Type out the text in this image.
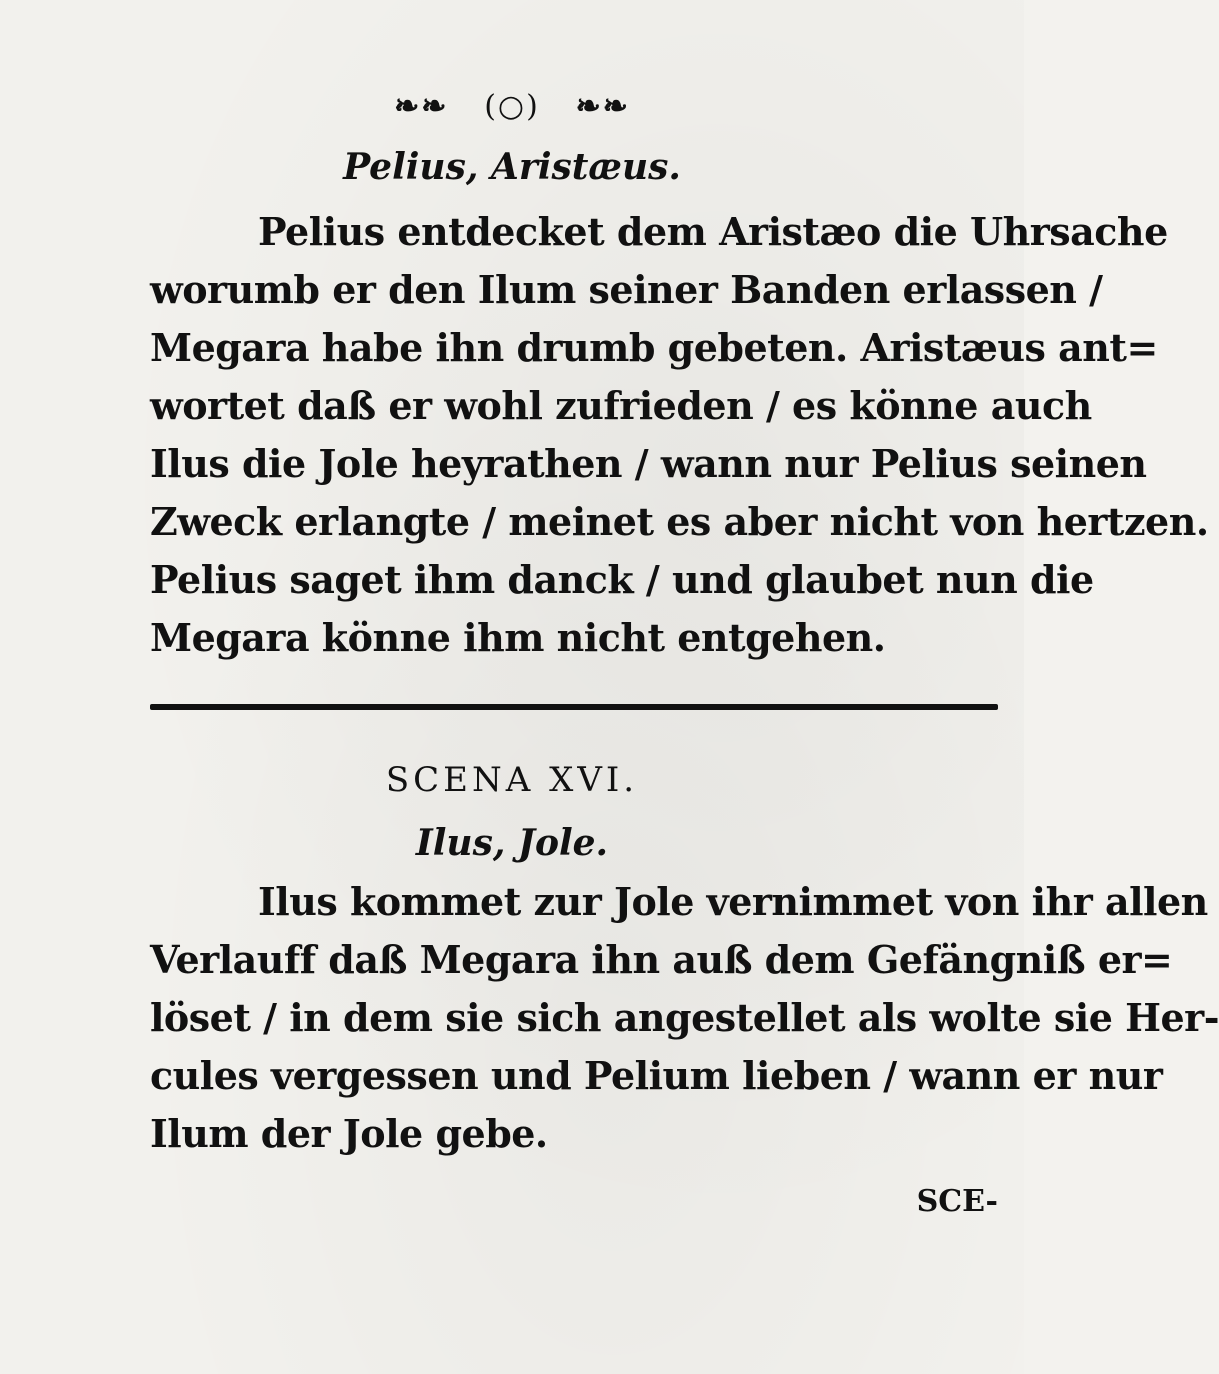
❧❧ (○) ❧❧
Pelius, Aristæus.

Pelius entdecket dem Aristæo die Uhrsache
worumb er den Ilum seiner Banden erlassen /
Megara habe ihn drumb gebeten. Aristæus ant=
wortet daß er wohl zufrieden / es könne auch
Ilus die Jole heyrathen / wann nur Pelius seinen
Zweck erlangte / meinet es aber nicht von hertzen.
Pelius saget ihm danck / und glaubet nun die
Megara könne ihm nicht entgehen.

SCENA XVI.
Ilus, Jole.

Ilus kommet zur Jole vernimmet von ihr allen
Verlauff daß Megara ihn auß dem Gefängniß er=
löset / in dem sie sich angestellet als wolte sie Her-
cules vergessen und Pelium lieben / wann er nur
Ilum der Jole gebe.

SCE-
